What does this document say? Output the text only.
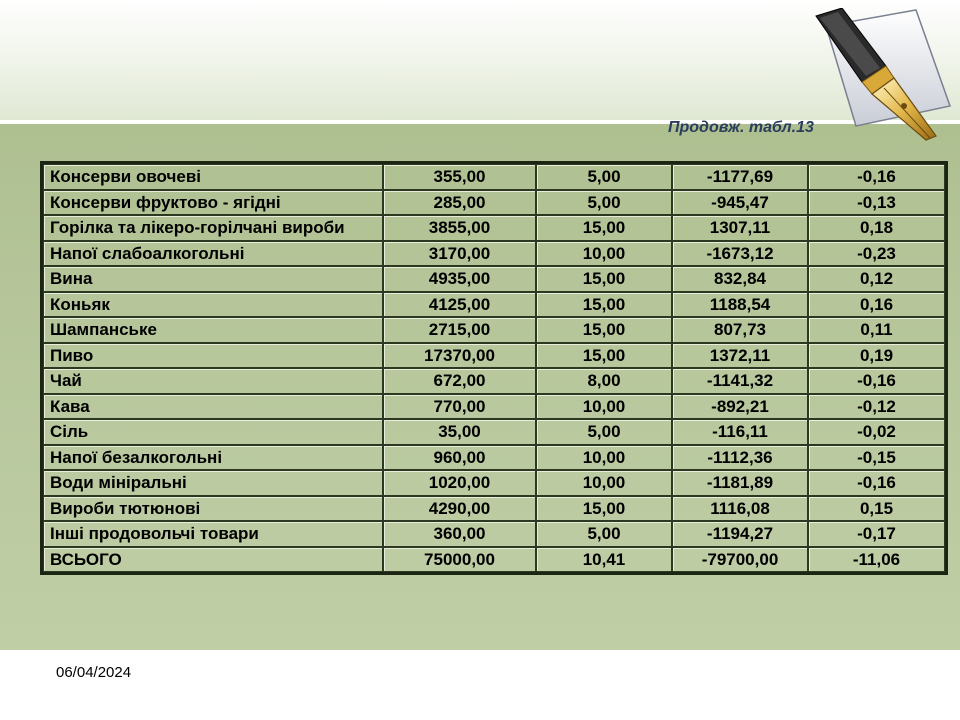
Продовж. табл.13
Консерви овочеві	355,00	5,00	-1177,69	-0,16
Консерви фруктово - ягідні	285,00	5,00	-945,47	-0,13
Горілка та лікеро-горілчані вироби	3855,00	15,00	1307,11	0,18
Напої слабоалкогольні	3170,00	10,00	-1673,12	-0,23
Вина	4935,00	15,00	832,84	0,12
Коньяк	4125,00	15,00	1188,54	0,16
Шампанське	2715,00	15,00	807,73	0,11
Пиво	17370,00	15,00	1372,11	0,19
Чай	672,00	8,00	-1141,32	-0,16
Кава	770,00	10,00	-892,21	-0,12
Сіль	35,00	5,00	-116,11	-0,02
Напої безалкогольні	960,00	10,00	-1112,36	-0,15
Води мініральні	1020,00	10,00	-1181,89	-0,16
Вироби тютюнові	4290,00	15,00	1116,08	0,15
Інші продовольчі товари	360,00	5,00	-1194,27	-0,17
ВСЬОГО	75000,00	10,41	-79700,00	-11,06
06/04/2024
